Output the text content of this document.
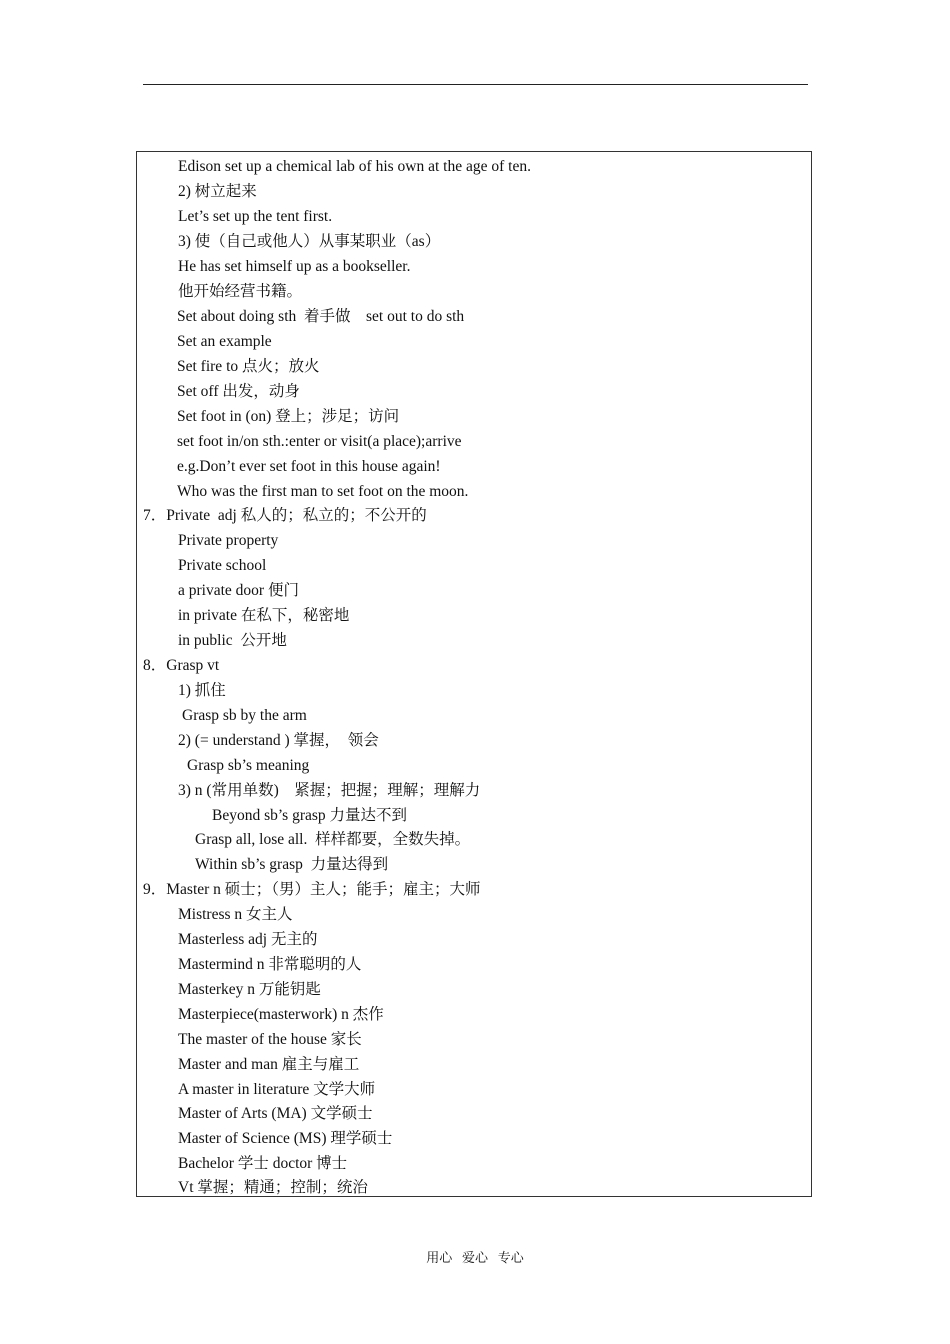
Edison set up a chemical lab of his own at the age of ten.
2) 树立起来
Let’s set up the tent first.
3) 使（自己或他人）从事某职业（as）
He has set himself up as a bookseller.
他开始经营书籍。
Set about doing sth  着手做    set out to do sth
Set an example
Set fire to 点火；放火
Set off 出发，动身
Set foot in (on) 登上；涉足；访问
set foot in/on sth.:enter or visit(a place);arrive
e.g.Don’t ever set foot in this house again!
Who was the first man to set foot on the moon.
7．Private  adj 私人的；私立的；不公开的
Private property
Private school
a private door 便门
in private 在私下，秘密地
in public  公开地
8．Grasp vt
1) 抓住
Grasp sb by the arm
2) (= understand ) 掌握，  领会
Grasp sb’s meaning
3) n (常用单数)    紧握；把握；理解；理解力
Beyond sb’s grasp 力量达不到
Grasp all, lose all.  样样都要，全数失掉。
Within sb’s grasp  力量达得到
9．Master n 硕士；（男）主人；能手；雇主；大师
Mistress n 女主人
Masterless adj 无主的
Mastermind n 非常聪明的人
Masterkey n 万能钥匙
Masterpiece(masterwork) n 杰作
The master of the house 家长
Master and man 雇主与雇工
A master in literature 文学大师
Master of Arts (MA) 文学硕士
Master of Science (MS) 理学硕士
Bachelor 学士 doctor 博士
Vt 掌握；精通；控制；统治
用心   爱心   专心
